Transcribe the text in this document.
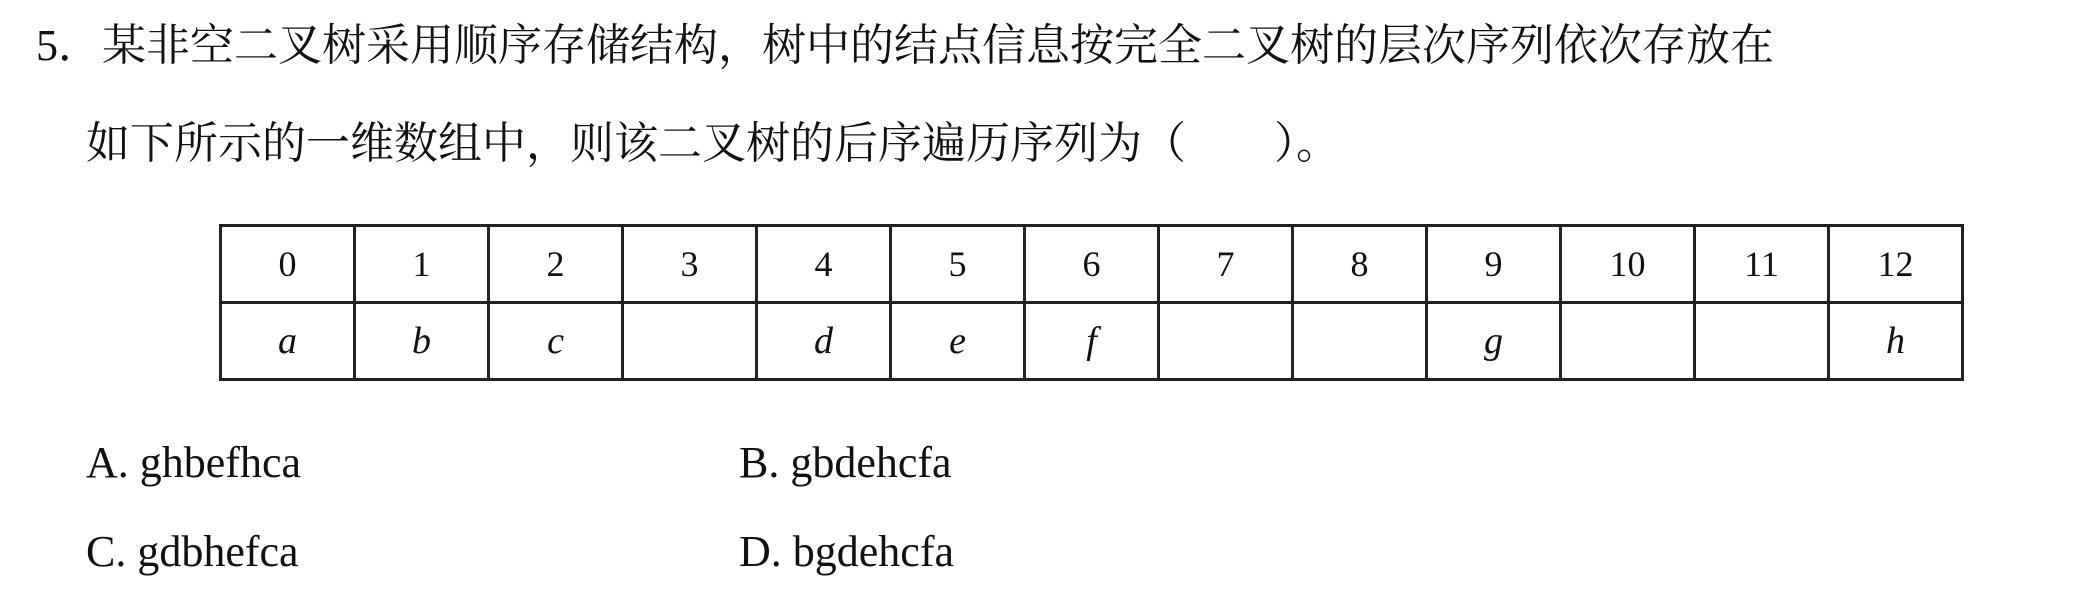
5．某非空二叉树采用顺序存储结构，树中的结点信息按完全二叉树的层次序列依次存放在
如下所示的一维数组中，则该二叉树的后序遍历序列为（　　）。
0	1	2	3	4	5	6	7	8	9	10	11	12
a	b	c		d	e	f			g			h
A. ghbefhca	B. gbdehcfa
C. gdbhefca	D. bgdehcfa
